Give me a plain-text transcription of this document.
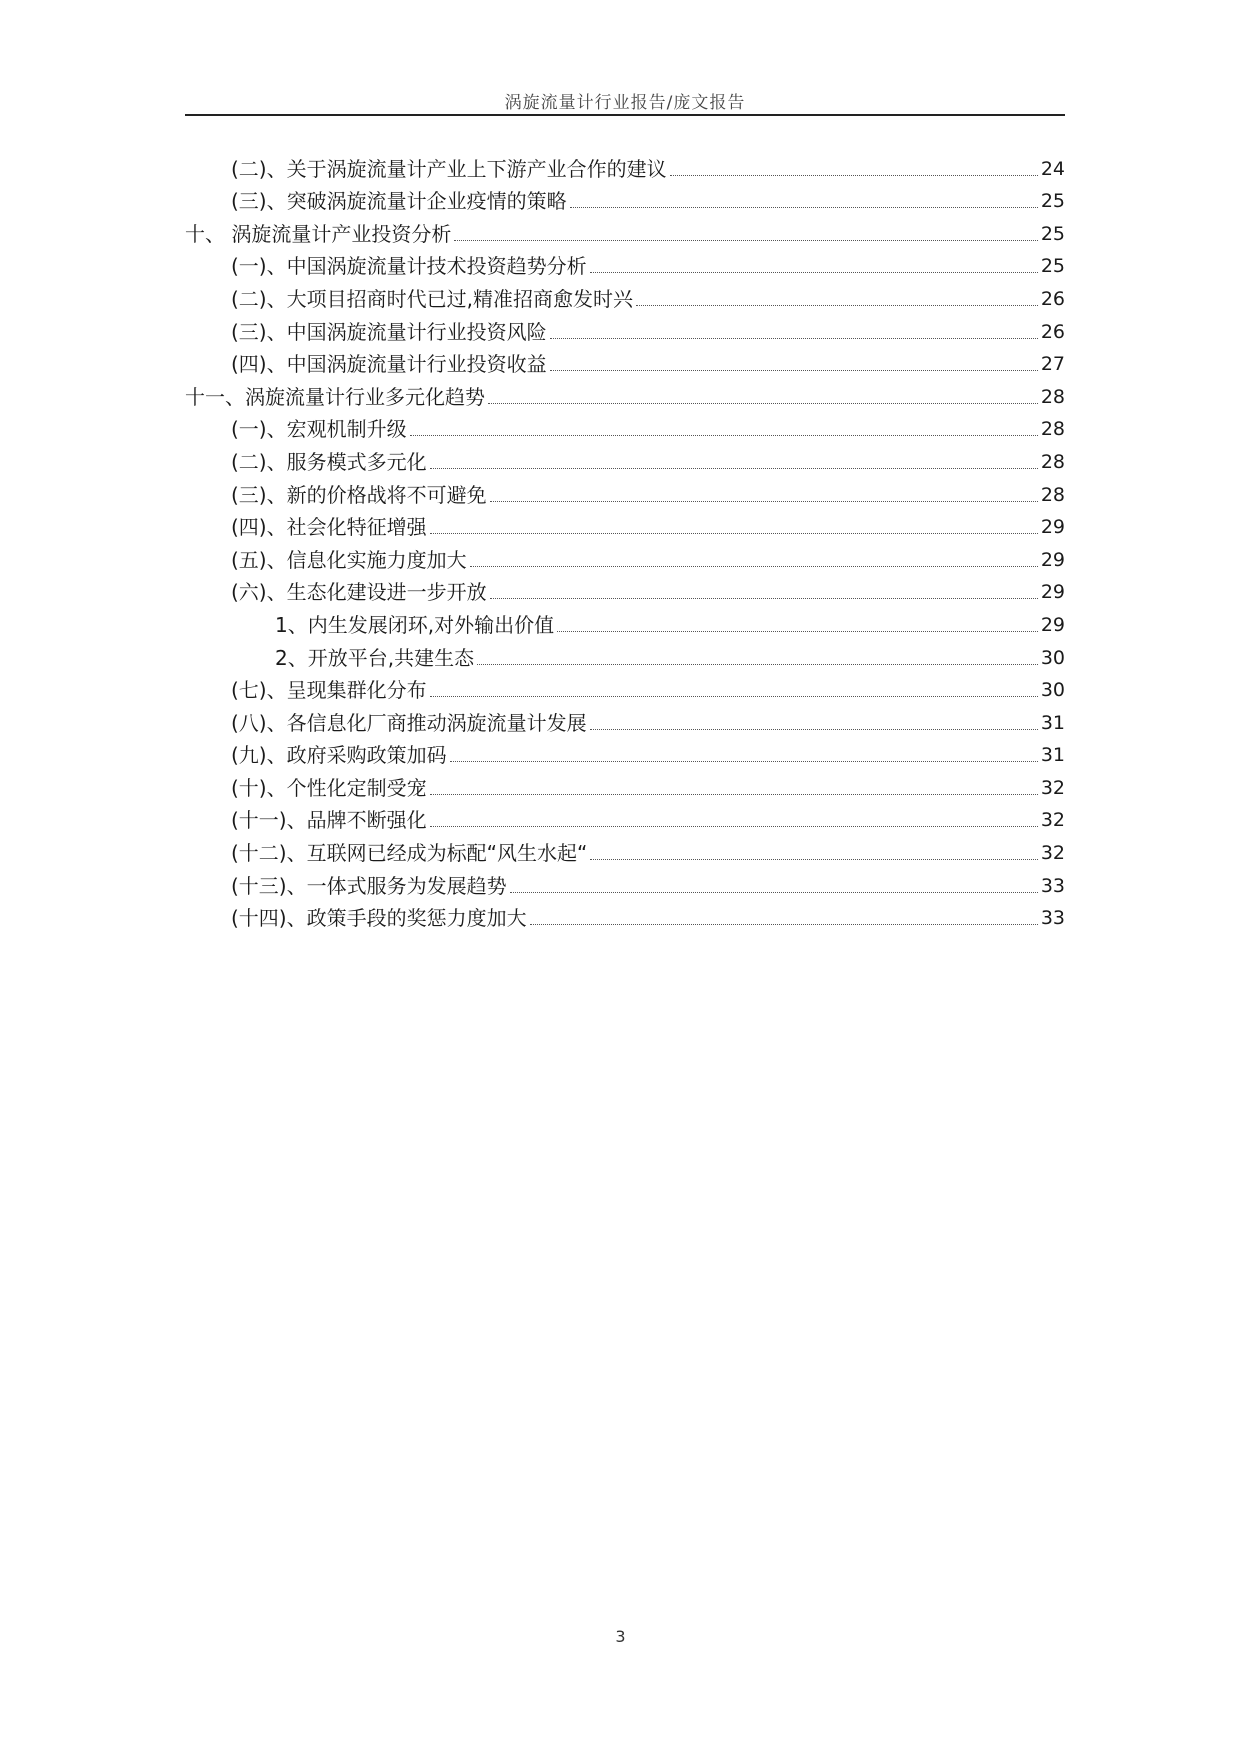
涡旋流量计行业报告/庞文报告
(二)、关于涡旋流量计产业上下游产业合作的建议	24
(三)、突破涡旋流量计企业疫情的策略	25
十、 涡旋流量计产业投资分析	25
(一)、中国涡旋流量计技术投资趋势分析	25
(二)、大项目招商时代已过,精准招商愈发时兴	26
(三)、中国涡旋流量计行业投资风险	26
(四)、中国涡旋流量计行业投资收益	27
十一、涡旋流量计行业多元化趋势	28
(一)、宏观机制升级	28
(二)、服务模式多元化	28
(三)、新的价格战将不可避免	28
(四)、社会化特征增强	29
(五)、信息化实施力度加大	29
(六)、生态化建设进一步开放	29
1、内生发展闭环,对外输出价值	29
2、开放平台,共建生态	30
(七)、呈现集群化分布	30
(八)、各信息化厂商推动涡旋流量计发展	31
(九)、政府采购政策加码	31
(十)、个性化定制受宠	32
(十一)、品牌不断强化	32
(十二)、互联网已经成为标配“风生水起“	32
(十三)、一体式服务为发展趋势	33
(十四)、政策手段的奖惩力度加大	33
3
